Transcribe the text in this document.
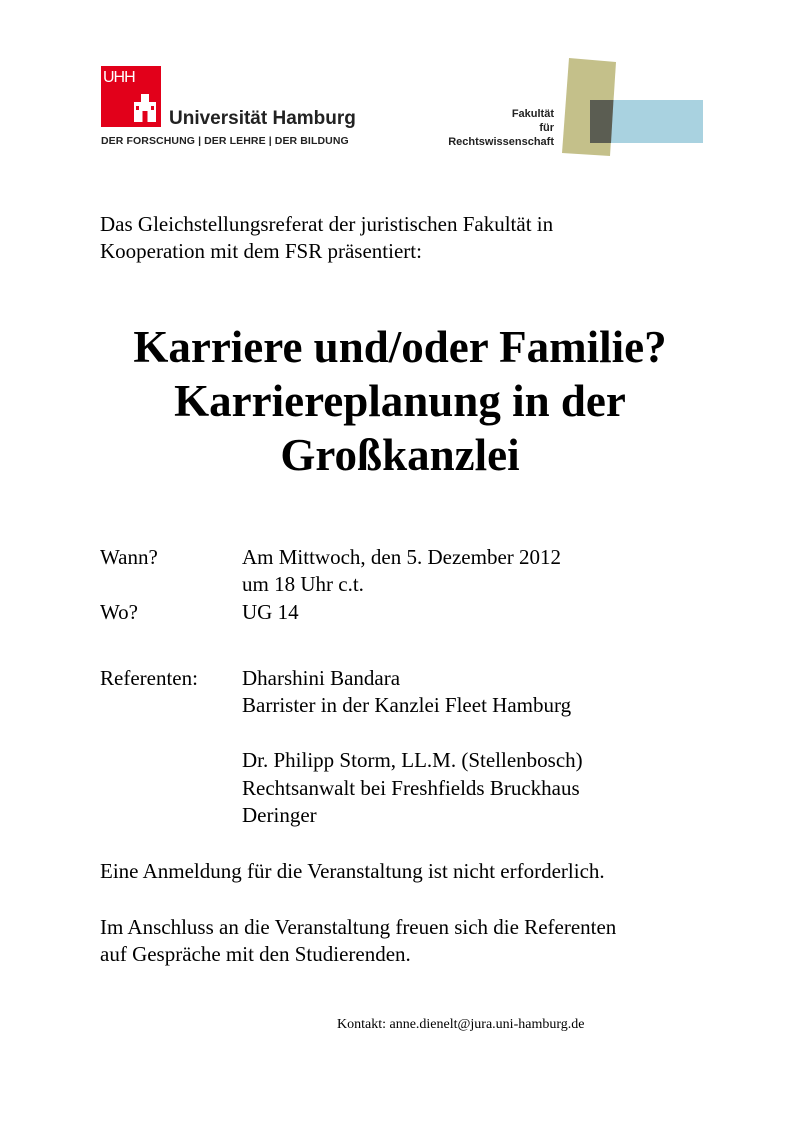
UHH
Universität Hamburg
DER FORSCHUNG | DER LEHRE | DER BILDUNG
Fakultät
für
Rechtswissenschaft
Das Gleichstellungsreferat der juristischen Fakultät in
Kooperation mit dem FSR präsentiert:
Karriere und/oder Familie?
Karriereplanung in der
Großkanzlei
Wann?	Am Mittwoch, den 5. Dezember 2012
um 18 Uhr c.t.
Wo?	UG 14
Referenten: Dharshini Bandara
Barrister in der Kanzlei Fleet Hamburg
Dr. Philipp Storm, LL.M. (Stellenbosch)
Rechtsanwalt bei Freshfields Bruckhaus
Deringer
Eine Anmeldung für die Veranstaltung ist nicht erforderlich.
Im Anschluss an die Veranstaltung freuen sich die Referenten
auf Gespräche mit den Studierenden.
Kontakt: anne.dienelt@jura.uni-hamburg.de
